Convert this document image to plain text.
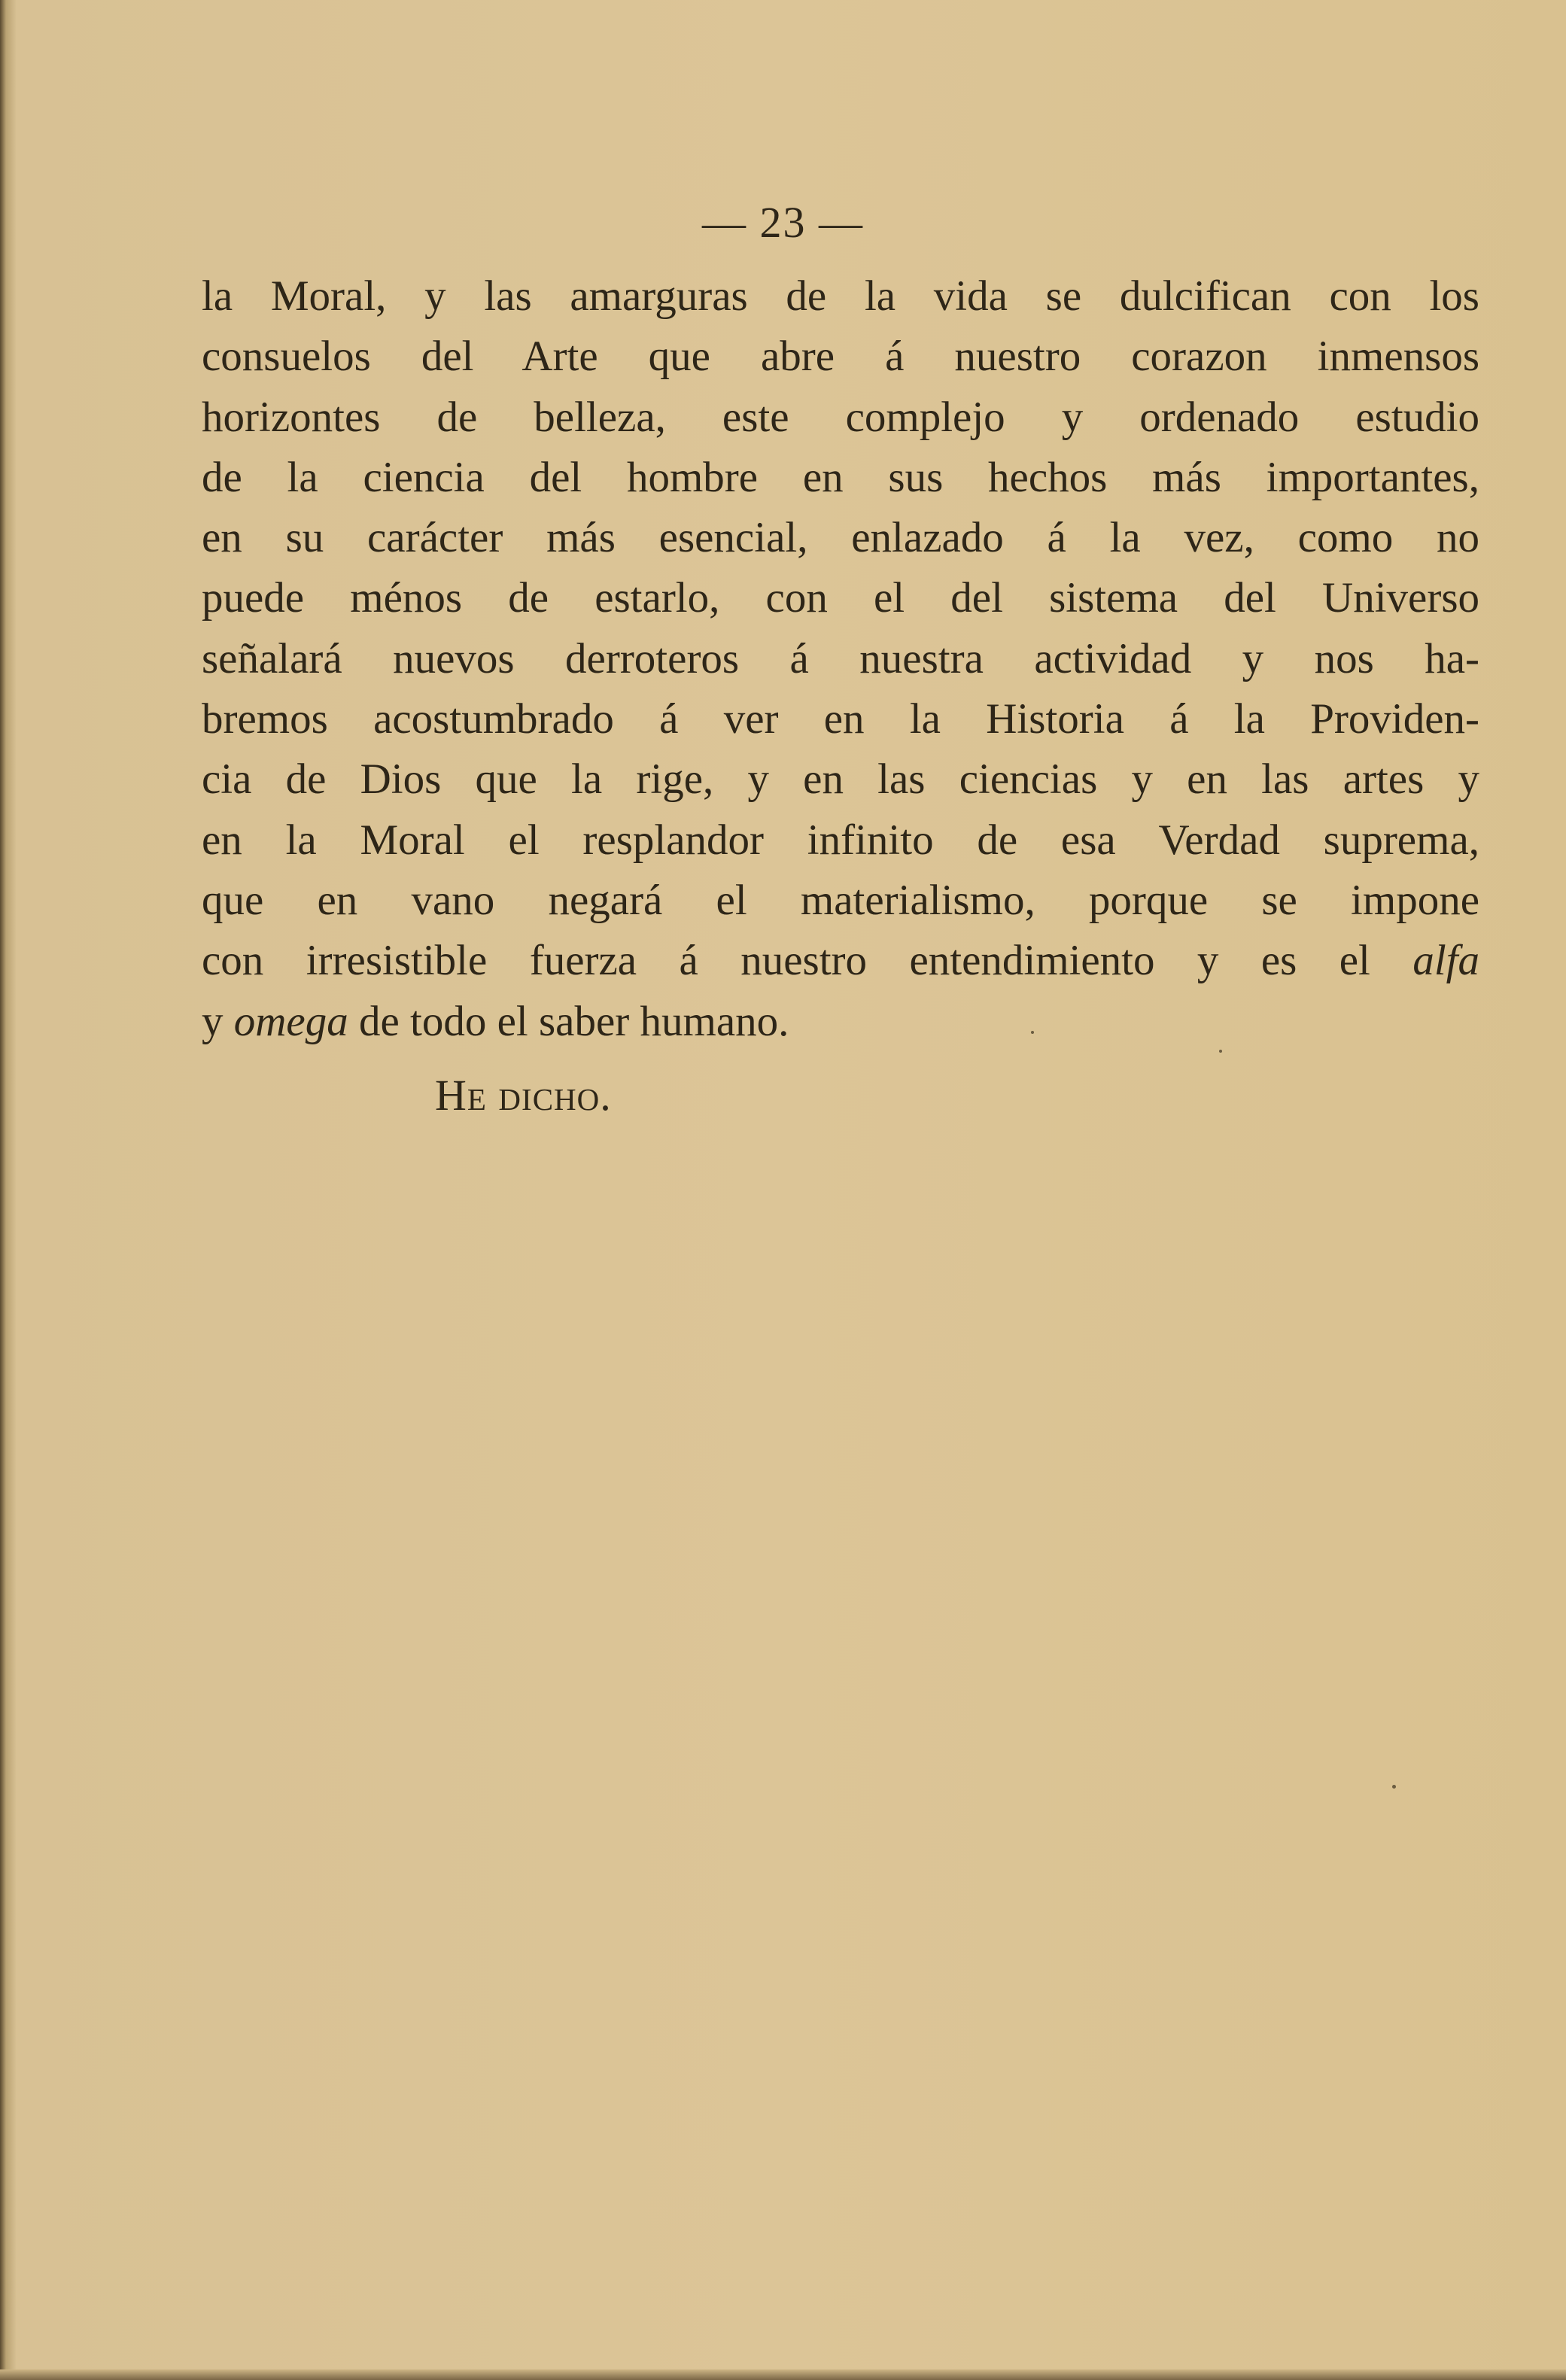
— 23 —
la Moral, y las amarguras de la vida se dulcifican con los
consuelos del Arte que abre á nuestro corazon inmensos
horizontes de belleza, este complejo y ordenado estudio
de la ciencia del hombre en sus hechos más importantes,
en su carácter más esencial, enlazado á la vez, como no
puede ménos de estarlo, con el del sistema del Universo
señalará nuevos derroteros á nuestra actividad y nos ha-
bremos acostumbrado á ver en la Historia á la Providen-
cia de Dios que la rige, y en las ciencias y en las artes y
en la Moral el resplandor infinito de esa Verdad suprema,
que en vano negará el materialismo, porque se impone
con irresistible fuerza á nuestro entendimiento y es el alfa
y omega de todo el saber humano.
He dicho.
